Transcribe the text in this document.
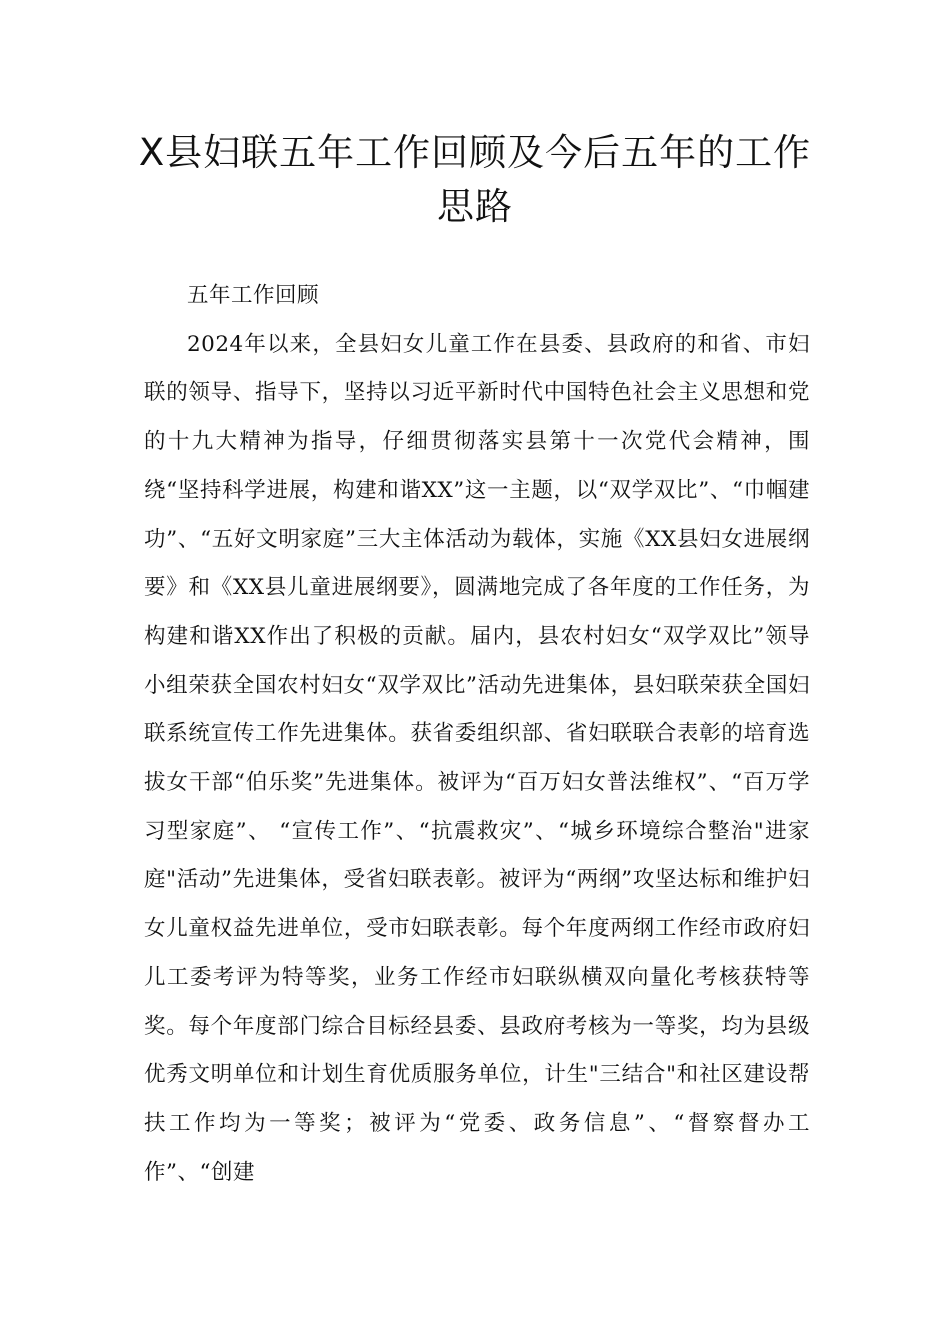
X县妇联五年工作回顾及今后五年的工作思路

五年工作回顾

2024年以来，全县妇女儿童工作在县委、县政府的和省、市妇联的领导、指导下，坚持以习近平新时代中国特色社会主义思想和党的十九大精神为指导，仔细贯彻落实县第十一次党代会精神，围绕“坚持科学进展，构建和谐XX”这一主题，以“双学双比”、“巾帼建功”、“五好文明家庭”三大主体活动为载体，实施《XX县妇女进展纲要》和《XX县儿童进展纲要》，圆满地完成了各年度的工作任务，为构建和谐XX作出了积极的贡献。届内，县农村妇女“双学双比”领导小组荣获全国农村妇女“双学双比”活动先进集体，县妇联荣获全国妇联系统宣传工作先进集体。获省委组织部、省妇联联合表彰的培育选拔女干部“伯乐奖”先进集体。被评为“百万妇女普法维权”、“百万学习型家庭”、 “宣传工作”、“抗震救灾”、“城乡环境综合整治"进家庭"活动”先进集体，受省妇联表彰。被评为“两纲”攻坚达标和维护妇女儿童权益先进单位，受市妇联表彰。每个年度两纲工作经市政府妇儿工委考评为特等奖，业务工作经市妇联纵横双向量化考核获特等奖。每个年度部门综合目标经县委、县政府考核为一等奖，均为县级优秀文明单位和计划生育优质服务单位，计生"三结合"和社区建设帮扶工作均为一等奖；被评为“党委、政务信息”、“督察督办工作”、“创建
